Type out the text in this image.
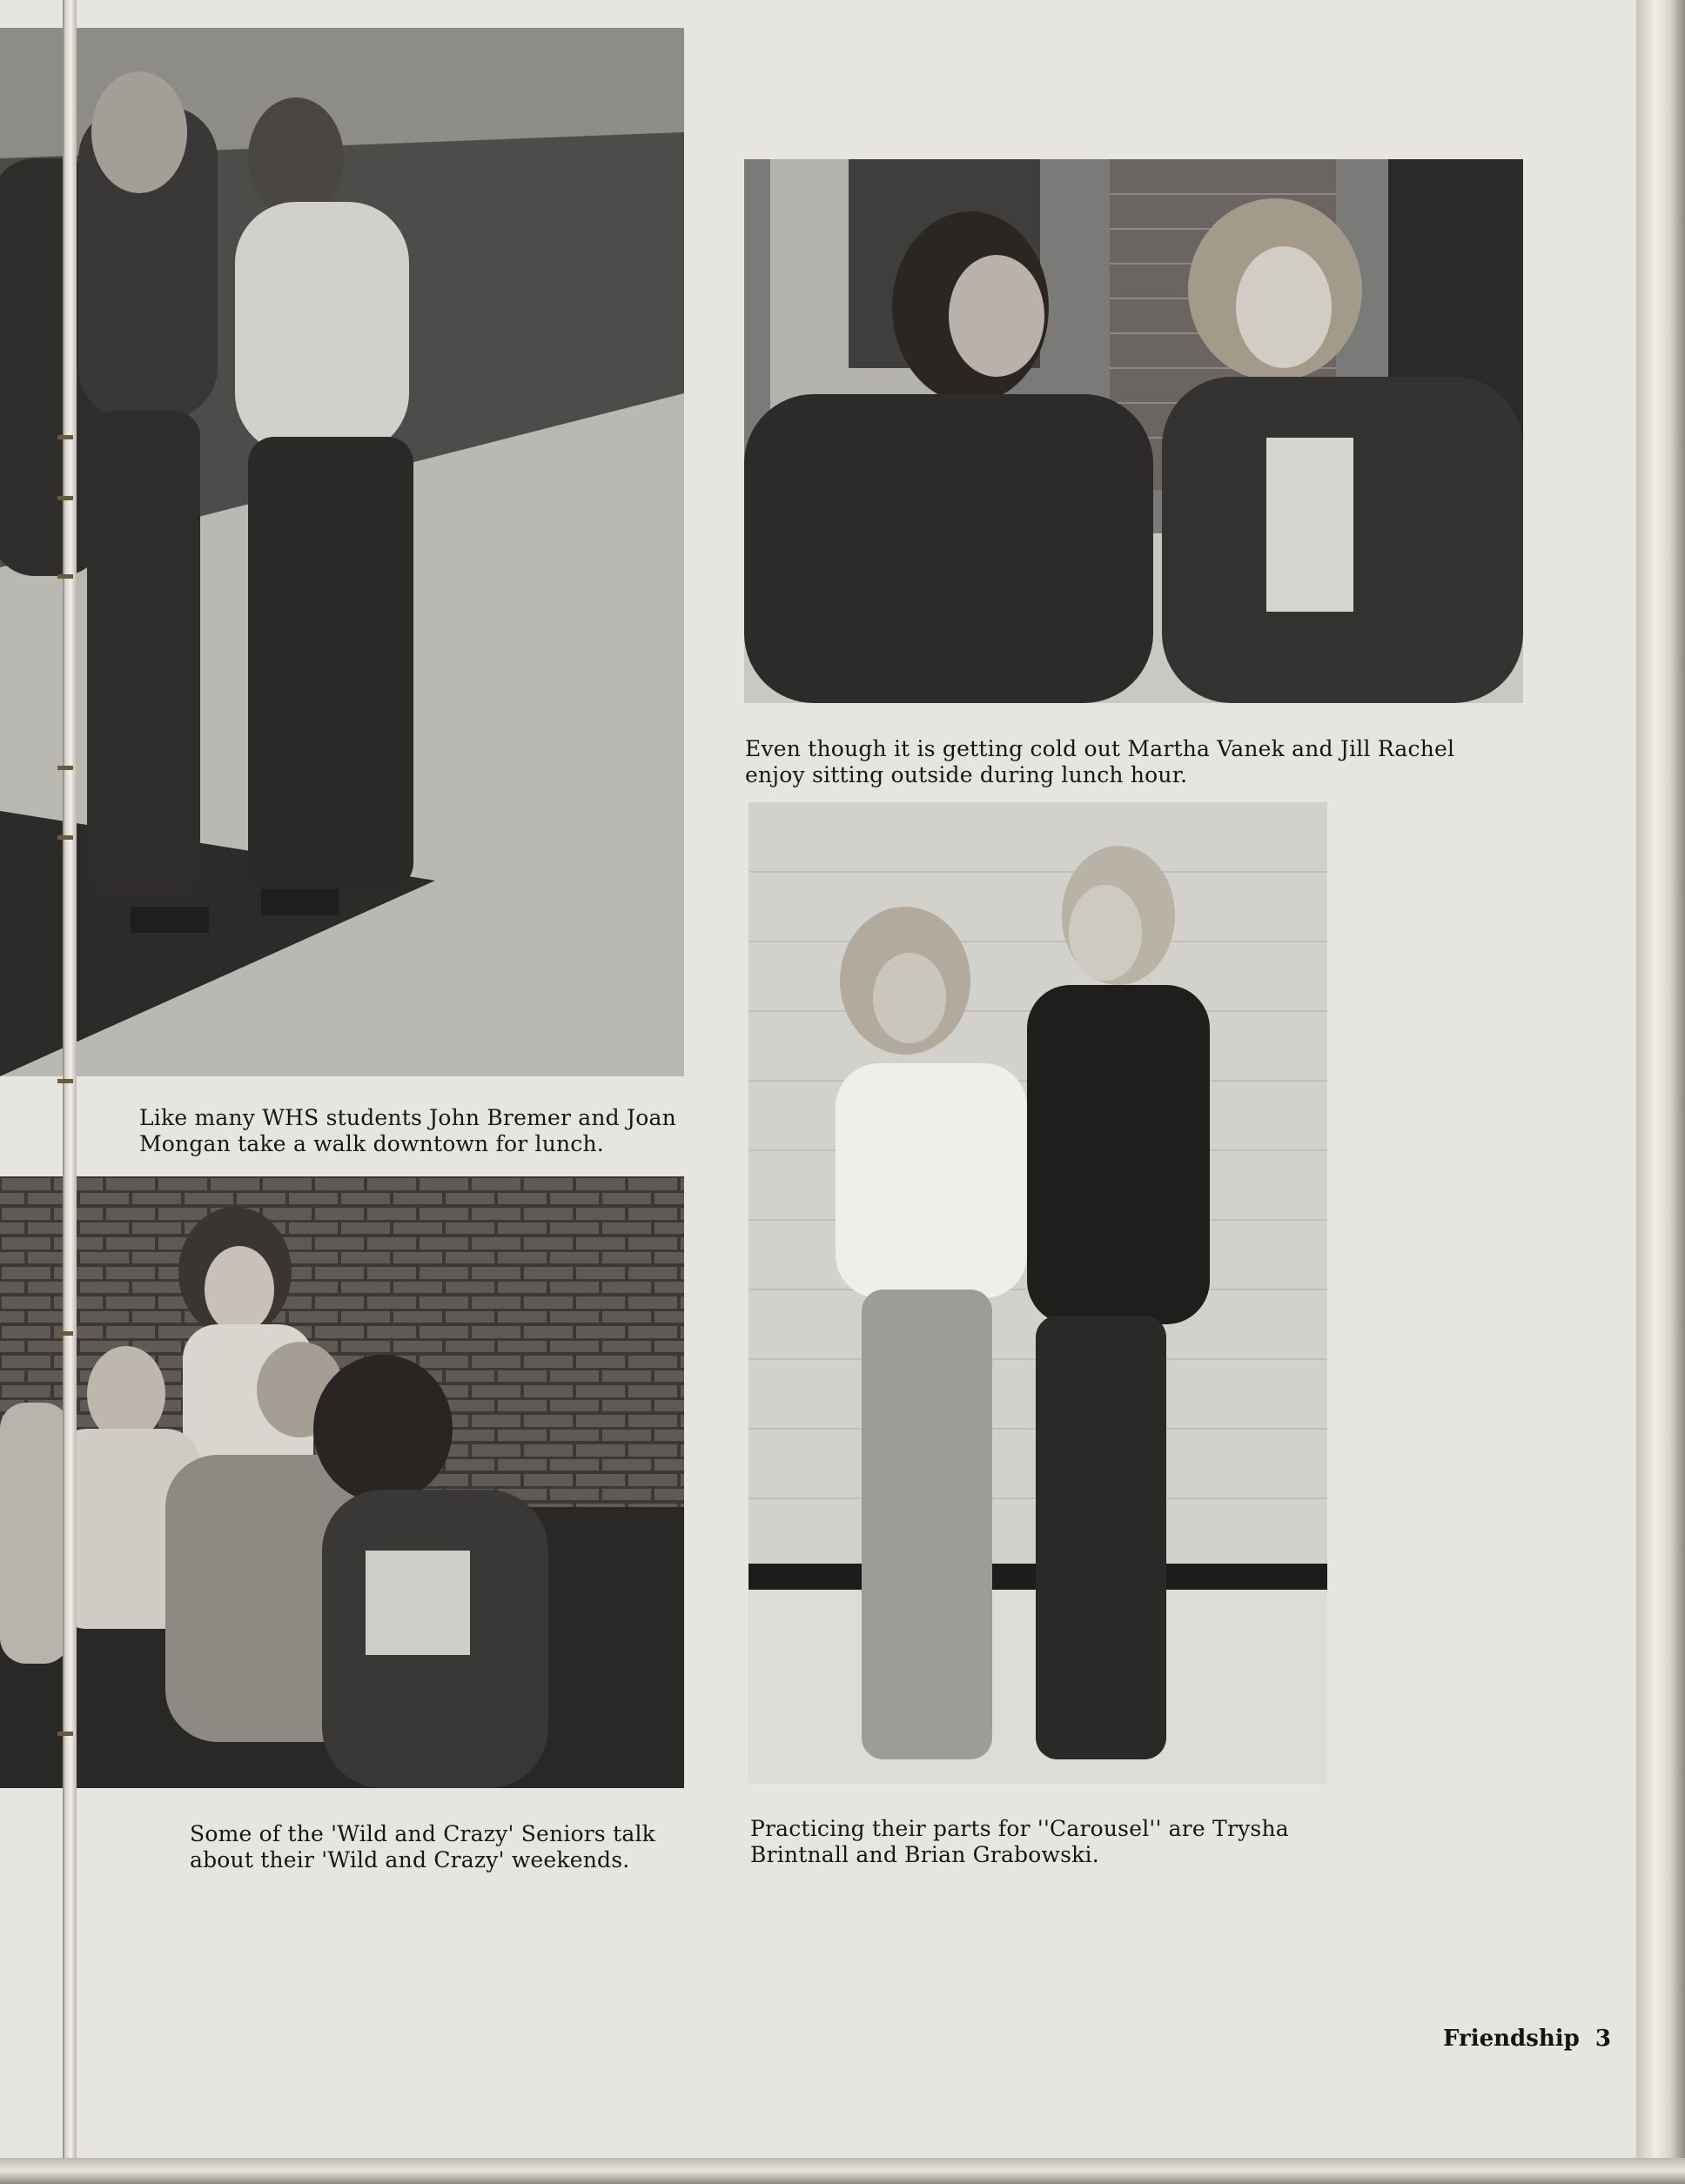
Even though it is getting cold out Martha Vanek and Jill Rachel
enjoy sitting outside during lunch hour.
Like many WHS students John Bremer and Joan
Mongan take a walk downtown for lunch.
Some of the 'Wild and Crazy' Seniors talk
about their 'Wild and Crazy' weekends.
Practicing their parts for ''Carousel'' are Trysha
Brintnall and Brian Grabowski.
Friendship 3
